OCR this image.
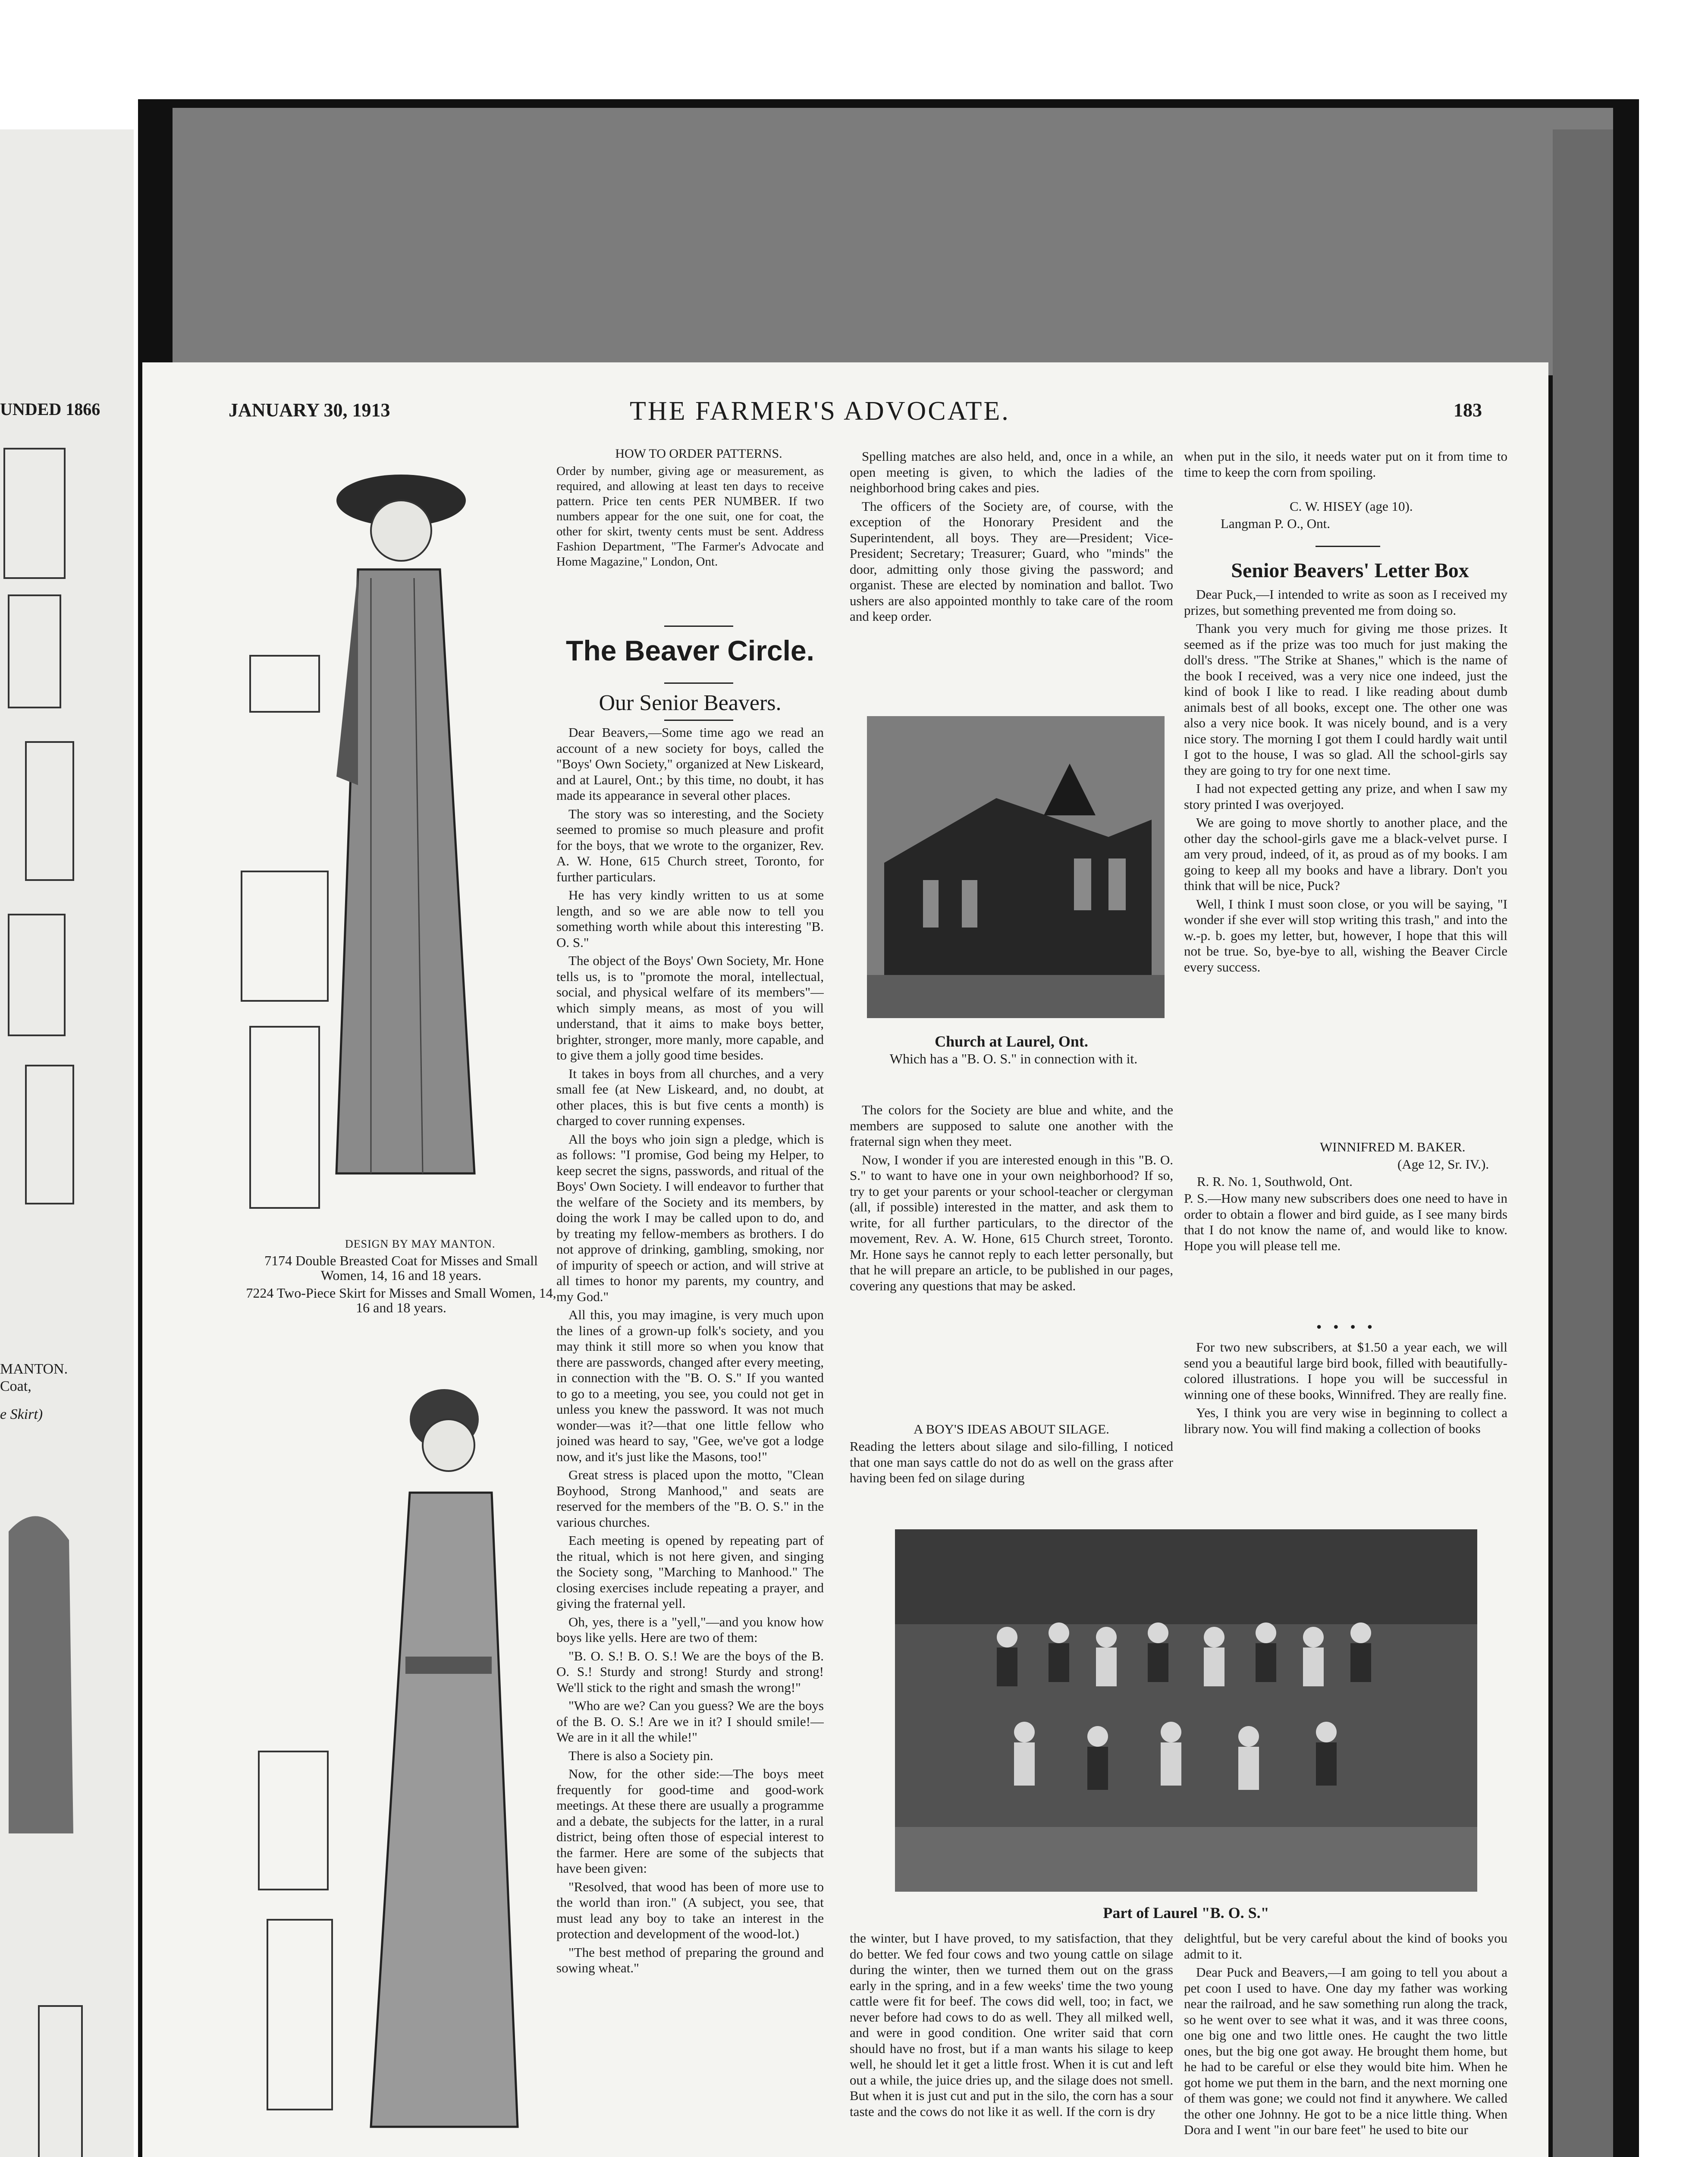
UNDED 1866
MANTON.
Coat,
e Skirt)
JANUARY 30, 1913	THE FARMER'S ADVOCATE.	183
DESIGN BY MAY MANTON.
7174 Double Breasted Coat for Misses and Small Women, 14, 16 and 18 years.
7224 Two-Piece Skirt for Misses and Small Women, 14, 16 and 18 years.
HOW TO ORDER PATTERNS.
Order by number, giving age or measurement, as required, and allowing at least ten days to receive pattern. Price ten cents PER NUMBER. If two numbers appear for the one suit, one for coat, the other for skirt, twenty cents must be sent. Address Fashion Department, "The Farmer's Advocate and Home Magazine," London, Ont.
The Beaver Circle.
Our Senior Beavers.

Dear Beavers,—Some time ago we read an account of a new society for boys, called the "Boys' Own Society," organized at New Liskeard, and at Laurel, Ont.; by this time, no doubt, it has made its appearance in several other places.

The story was so interesting, and the Society seemed to promise so much pleasure and profit for the boys, that we wrote to the organizer, Rev. A. W. Hone, 615 Church street, Toronto, for further particulars.

He has very kindly written to us at some length, and so we are able now to tell you something worth while about this interesting "B. O. S."

The object of the Boys' Own Society, Mr. Hone tells us, is to "promote the moral, intellectual, social, and physical welfare of its members"—which simply means, as most of you will understand, that it aims to make boys better, brighter, stronger, more manly, more capable, and to give them a jolly good time besides.

It takes in boys from all churches, and a very small fee (at New Liskeard, and, no doubt, at other places, this is but five cents a month) is charged to cover running expenses.

All the boys who join sign a pledge, which is as follows: "I promise, God being my Helper, to keep secret the signs, passwords, and ritual of the Boys' Own Society. I will endeavor to further that the welfare of the Society and its members, by doing the work I may be called upon to do, and by treating my fellow-members as brothers. I do not approve of drinking, gambling, smoking, nor of impurity of speech or action, and will strive at all times to honor my parents, my country, and my God."

All this, you may imagine, is very much upon the lines of a grown-up folk's society, and you may think it still more so when you know that there are passwords, changed after every meeting, in connection with the "B. O. S." If you wanted to go to a meeting, you see, you could not get in unless you knew the password. It was not much wonder—was it?—that one little fellow who joined was heard to say, "Gee, we've got a lodge now, and it's just like the Masons, too!"

Great stress is placed upon the motto, "Clean Boyhood, Strong Manhood," and seats are reserved for the members of the "B. O. S." in the various churches.

Each meeting is opened by repeating part of the ritual, which is not here given, and singing the Society song, "Marching to Manhood." The closing exercises include repeating a prayer, and giving the fraternal yell.

Oh, yes, there is a "yell,"—and you know how boys like yells. Here are two of them:

"B. O. S.! B. O. S.! We are the boys of the B. O. S.! Sturdy and strong! Sturdy and strong! We'll stick to the right and smash the wrong!"

"Who are we? Can you guess? We are the boys of the B. O. S.! Are we in it? I should smile!—We are in it all the while!"

There is also a Society pin.

Now, for the other side:—The boys meet frequently for good-time and good-work meetings. At these there are usually a programme and a debate, the subjects for the latter, in a rural district, being often those of especial interest to the farmer. Here are some of the subjects that have been given:

"Resolved, that wood has been of more use to the world than iron." (A subject, you see, that must lead any boy to take an interest in the protection and development of the wood-lot.)

"The best method of preparing the ground and sowing wheat."

Spelling matches are also held, and, once in a while, an open meeting is given, to which the ladies of the neighborhood bring cakes and pies.

The officers of the Society are, of course, with the exception of the Honorary President and the Superintendent, all boys. They are—President; Vice-President; Secretary; Treasurer; Guard, who "minds" the door, admitting only those giving the password; and organist. These are elected by nomination and ballot. Two ushers are also appointed monthly to take care of the room and keep order.

Church at Laurel, Ont.
Which has a "B. O. S." in connection with it.

The colors for the Society are blue and white, and the members are supposed to salute one another with the fraternal sign when they meet.

Now, I wonder if you are interested enough in this "B. O. S." to want to have one in your own neighborhood? If so, try to get your parents or your school-teacher or clergyman (all, if possible) interested in the matter, and ask them to write, for all further particulars, to the director of the movement, Rev. A. W. Hone, 615 Church street, Toronto. Mr. Hone says he cannot reply to each letter personally, but that he will prepare an article, to be published in our pages, covering any questions that may be asked.

A BOY'S IDEAS ABOUT SILAGE.
Reading the letters about silage and silo-filling, I noticed that one man says cattle do not do as well on the grass after having been fed on silage during
Part of Laurel "B. O. S."
the winter, but I have proved, to my satisfaction, that they do better. We fed four cows and two young cattle on silage during the winter, then we turned them out on the grass early in the spring, and in a few weeks' time the two young cattle were fit for beef. The cows did well, too; in fact, we never before had cows to do as well. They all milked well, and were in good condition. One writer said that corn should have no frost, but if a man wants his silage to keep well, he should let it get a little frost. When it is cut and left out a while, the juice dries up, and the silage does not smell. But when it is just cut and put in the silo, the corn has a sour taste and the cows do not like it as well. If the corn is dry
when put in the silo, it needs water put on it from time to time to keep the corn from spoiling.
C. W. HISEY (age 10).
Langman P. O., Ont.
Senior Beavers' Letter Box

Dear Puck,—I intended to write as soon as I received my prizes, but something prevented me from doing so.

Thank you very much for giving me those prizes. It seemed as if the prize was too much for just making the doll's dress. "The Strike at Shanes," which is the name of the book I received, was a very nice one indeed, just the kind of book I like to read. I like reading about dumb animals best of all books, except one. The other one was also a very nice book. It was nicely bound, and is a very nice story. The morning I got them I could hardly wait until I got to the house, I was so glad. All the school-girls say they are going to try for one next time.

I had not expected getting any prize, and when I saw my story printed I was overjoyed.

We are going to move shortly to another place, and the other day the school-girls gave me a black-velvet purse. I am very proud, indeed, of it, as proud as of my books. I am going to keep all my books and have a library. Don't you think that will be nice, Puck?

Well, I think I must soon close, or you will be saying, "I wonder if she ever will stop writing this trash," and into the w.-p. b. goes my letter, but, however, I hope that this will not be true. So, bye-bye to all, wishing the Beaver Circle every success.

WINNIFRED M. BAKER.
(Age 12, Sr. IV.).
R. R. No. 1, Southwold, Ont.
P. S.—How many new subscribers does one need to have in order to obtain a flower and bird guide, as I see many birds that I do not know the name of, and would like to know. Hope you will please tell me.
• • • •

For two new subscribers, at $1.50 a year each, we will send you a beautiful large bird book, filled with beautifully-colored illustrations. I hope you will be successful in winning one of these books, Winnifred. They are really fine.

Yes, I think you are very wise in beginning to collect a library now. You will find making a collection of books

delightful, but be very careful about the kind of books you admit to it.

Dear Puck and Beavers,—I am going to tell you about a pet coon I used to have. One day my father was working near the railroad, and he saw something run along the track, so he went over to see what it was, and it was three coons, one big one and two little ones. He caught the two little ones, but the big one got away. He brought them home, but he had to be careful or else they would bite him. When he got home we put them in the barn, and the next morning one of them was gone; we could not find it anywhere. We called the other one Johnny. He got to be a nice little thing. When Dora and I went "in our bare feet" he used to bite our
